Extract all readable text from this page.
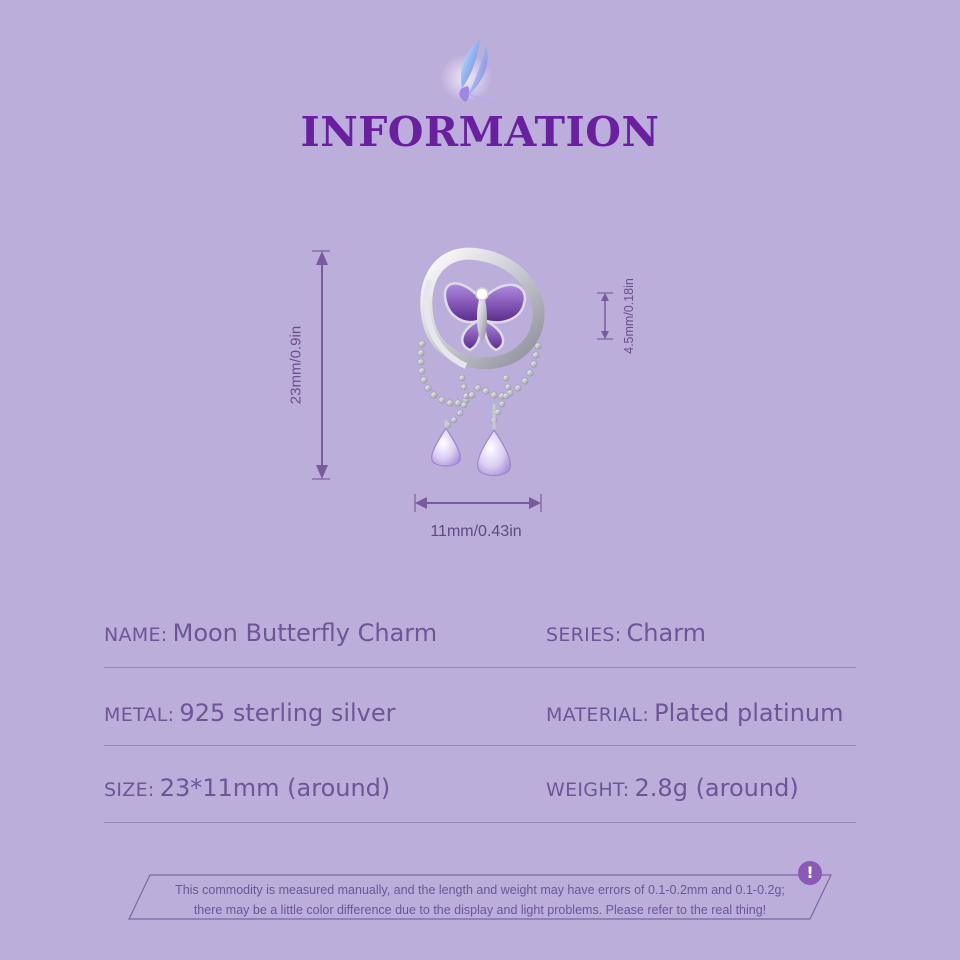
INFORMATION
23mm/0.9in
4.5mm/0.18in
11mm/0.43in
NAME: Moon Butterfly Charm	SERIES: Charm
METAL: 925 sterling silver	MATERIAL: Plated platinum
SIZE: 23*11mm (around)	WEIGHT: 2.8g (around)
This commodity is measured manually, and the length and weight may have errors of 0.1-0.2mm and 0.1-0.2g;
there may be a little color difference due to the display and light problems. Please refer to the real thing!
!
